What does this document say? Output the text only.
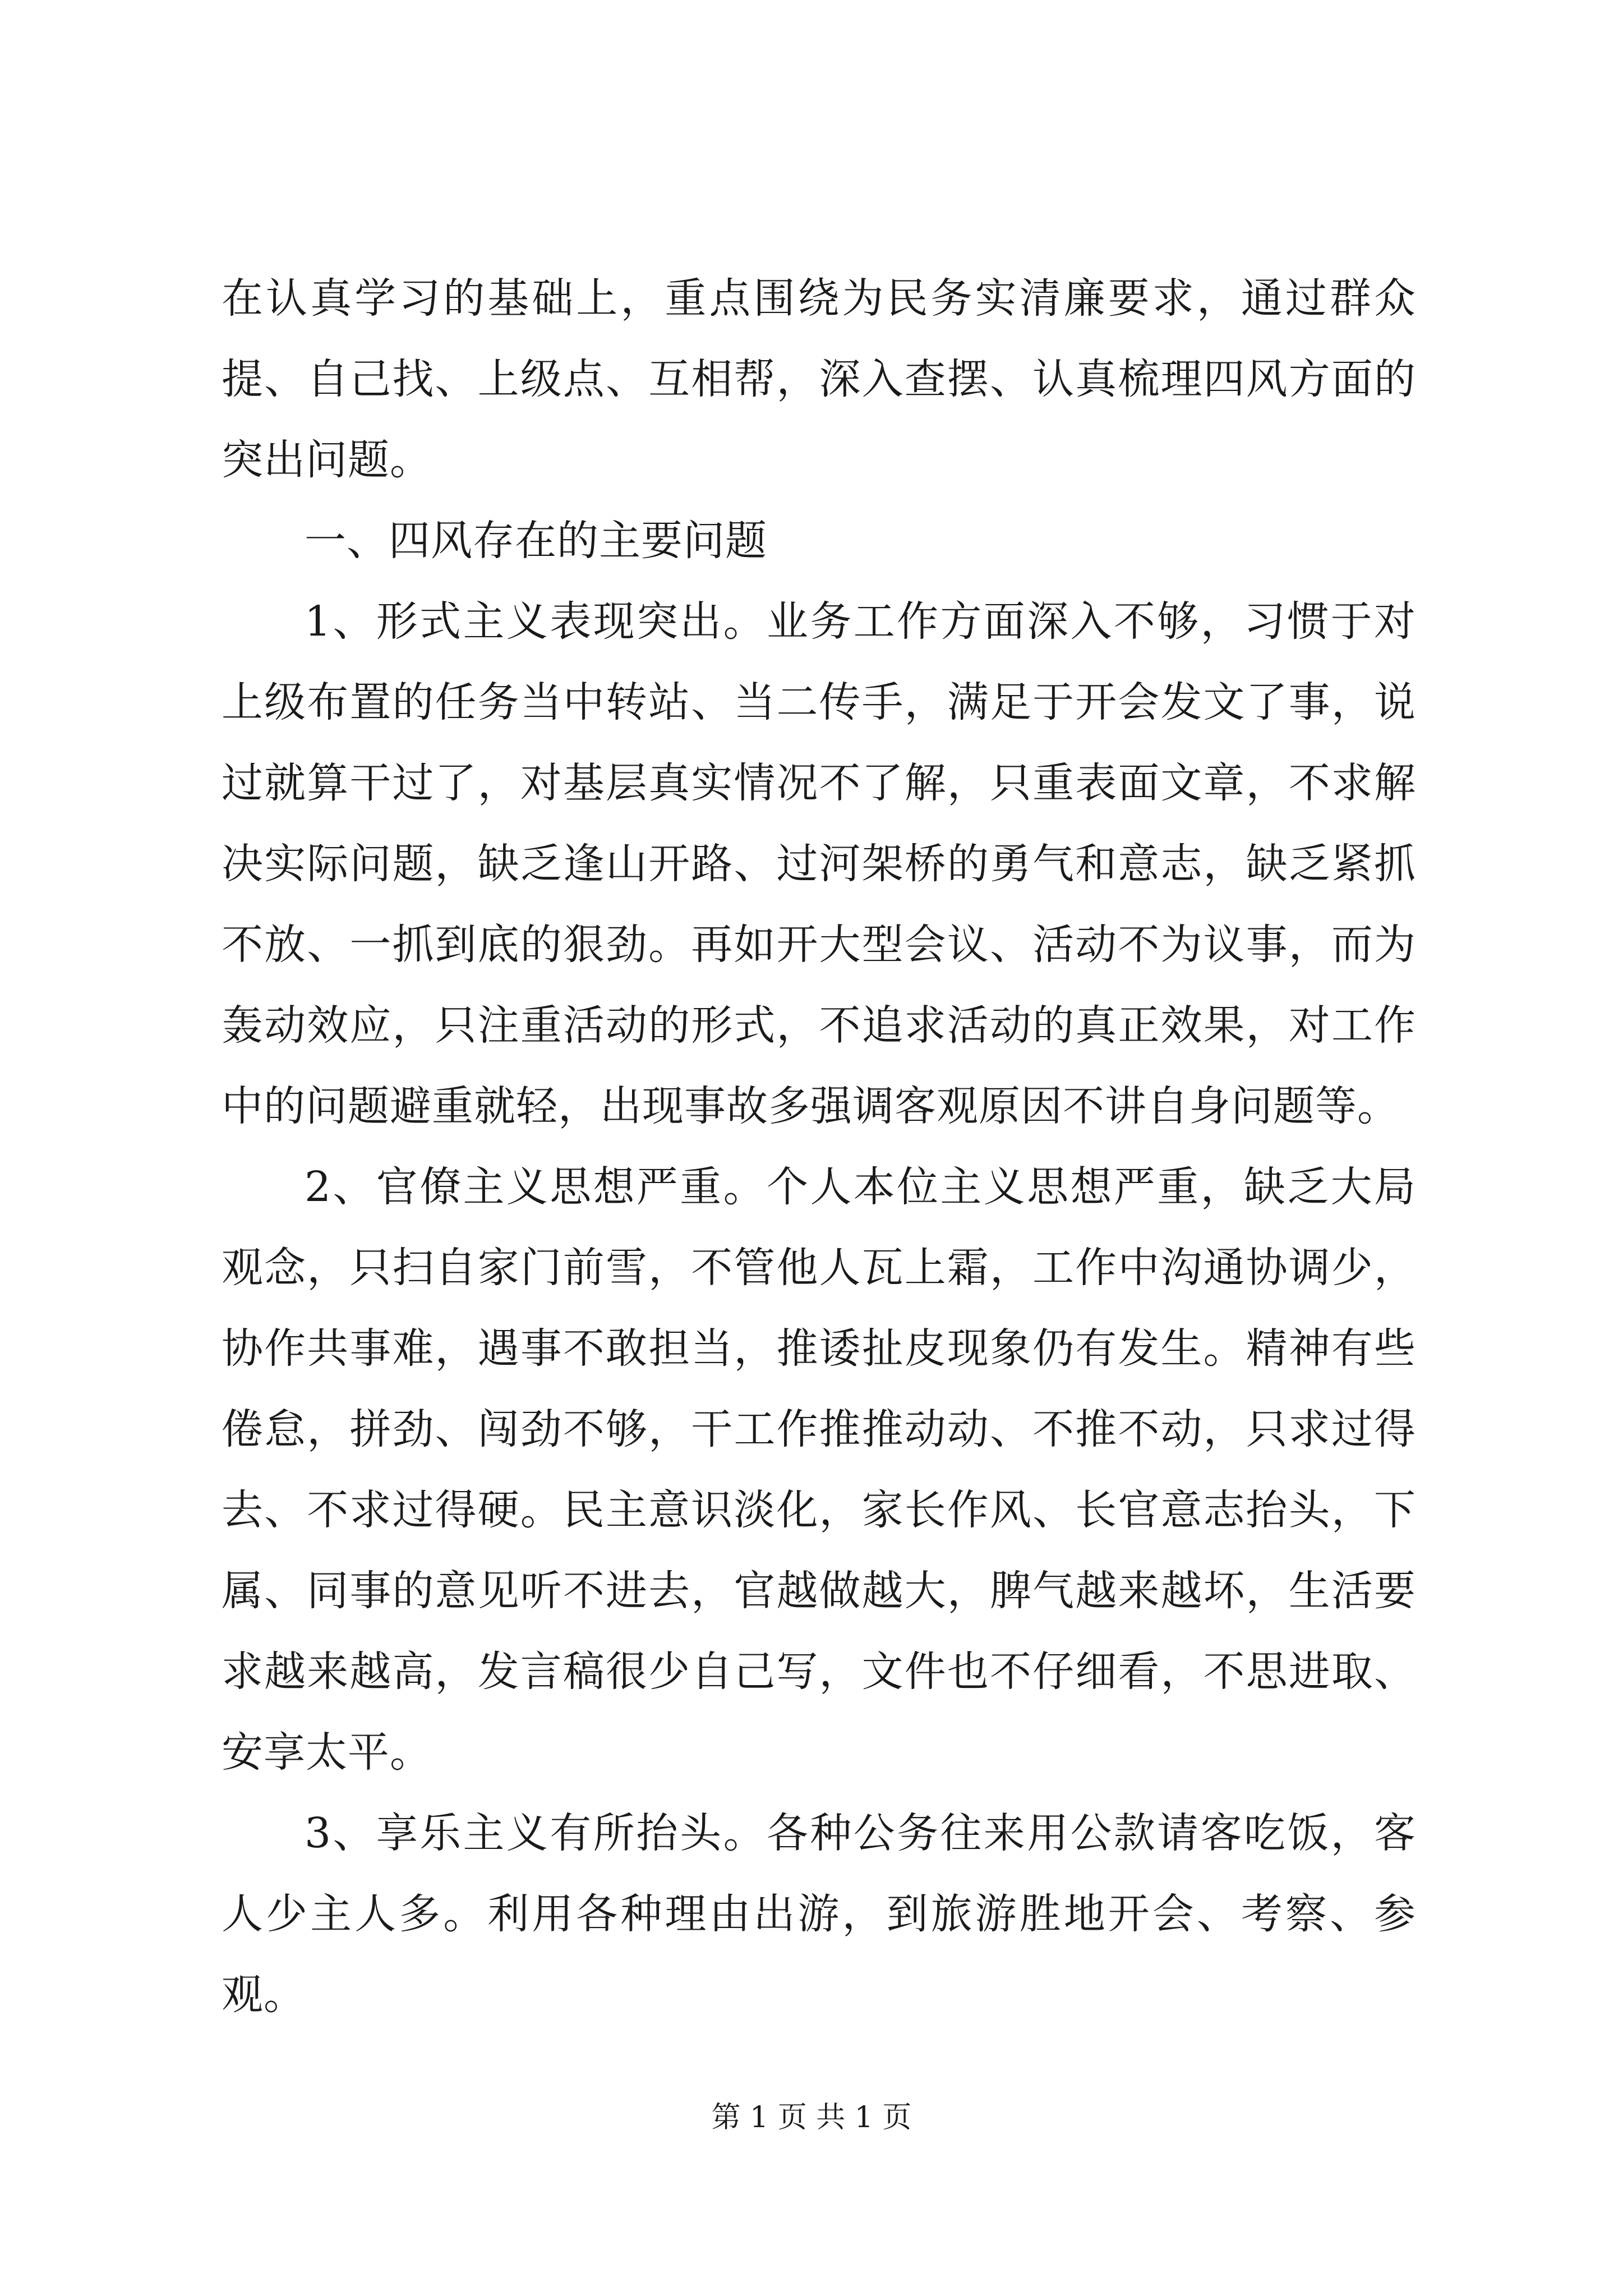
在认真学习的基础上，重点围绕为民务实清廉要求，通过群众提、自己找、上级点、互相帮，深入查摆、认真梳理四风方面的突出问题。

一、四风存在的主要问题

1、形式主义表现突出。业务工作方面深入不够，习惯于对上级布置的任务当中转站、当二传手，满足于开会发文了事，说过就算干过了，对基层真实情况不了解，只重表面文章，不求解决实际问题，缺乏逢山开路、过河架桥的勇气和意志，缺乏紧抓不放、一抓到底的狠劲。再如开大型会议、活动不为议事，而为轰动效应，只注重活动的形式，不追求活动的真正效果，对工作中的问题避重就轻，出现事故多强调客观原因不讲自身问题等。

2、官僚主义思想严重。个人本位主义思想严重，缺乏大局观念，只扫自家门前雪，不管他人瓦上霜，工作中沟通协调少，协作共事难，遇事不敢担当，推诿扯皮现象仍有发生。精神有些倦怠，拼劲、闯劲不够，干工作推推动动、不推不动，只求过得去、不求过得硬。民主意识淡化，家长作风、长官意志抬头，下属、同事的意见听不进去，官越做越大，脾气越来越坏，生活要求越来越高，发言稿很少自己写，文件也不仔细看，不思进取、安享太平。

3、享乐主义有所抬头。各种公务往来用公款请客吃饭，客人少主人多。利用各种理由出游，到旅游胜地开会、考察、参观。

第 1 页 共 1 页
